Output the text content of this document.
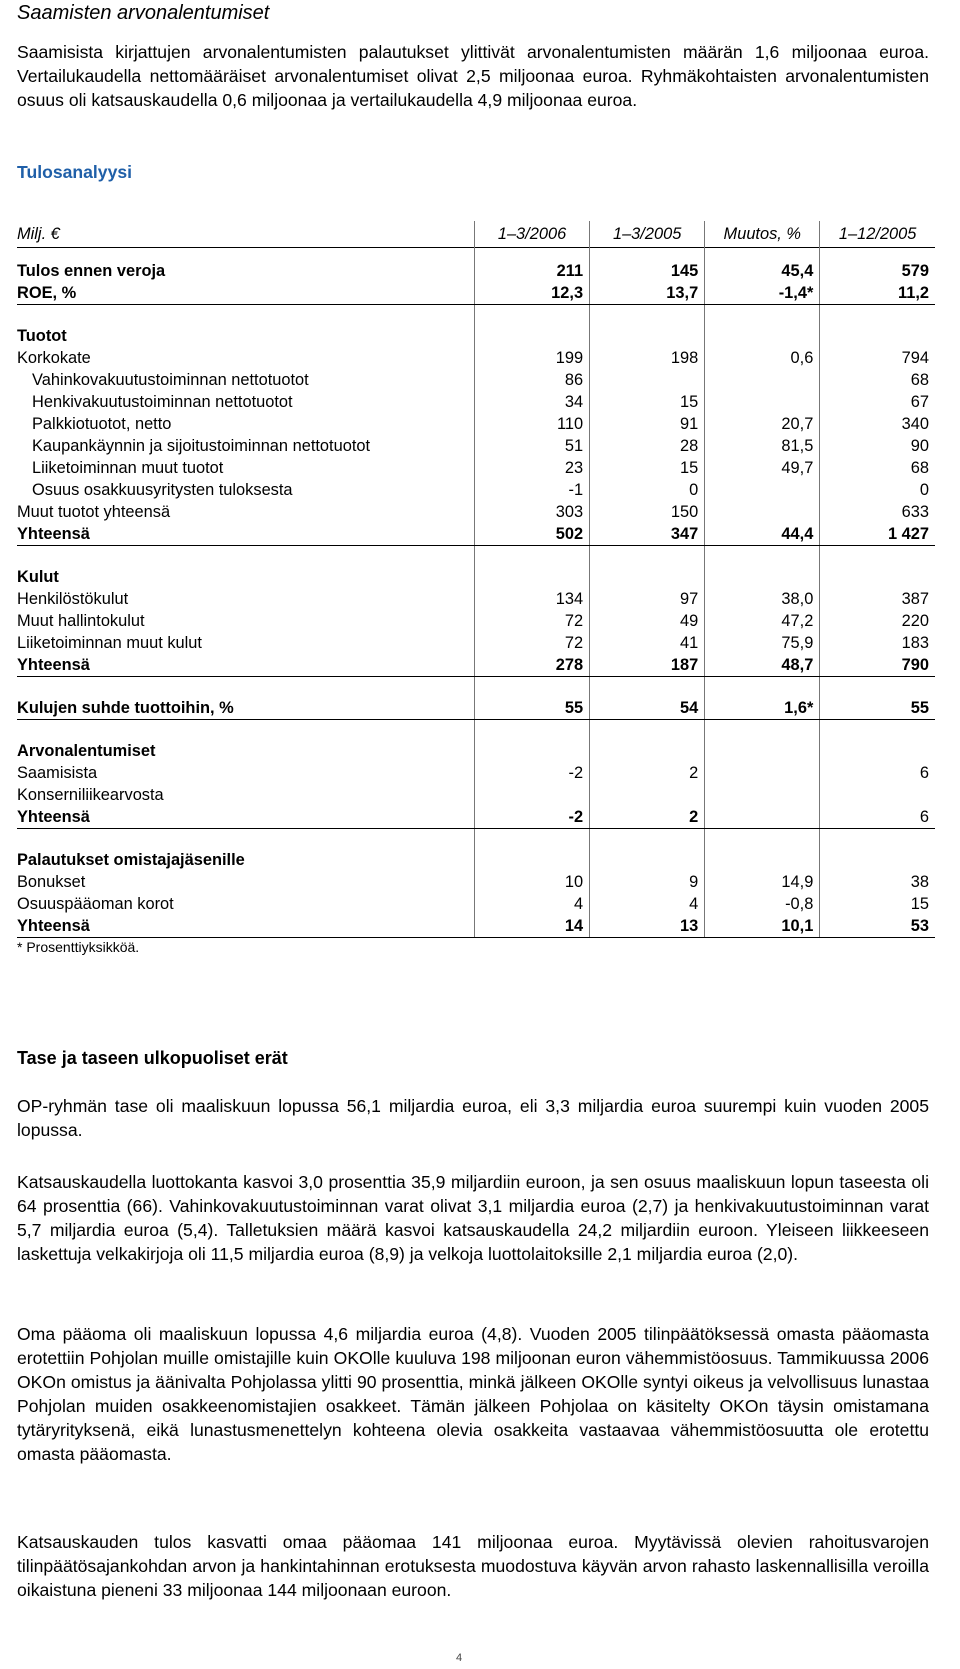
Saamisten arvonalentumiset

Saamisista kirjattujen arvonalentumisten palautukset ylittivät arvonalentumisten määrän 1,6 miljoonaa euroa. Vertailukaudella nettomääräiset arvonalentumiset olivat 2,5 miljoonaa euroa. Ryhmäkohtaisten arvonalentumisten osuus oli katsauskaudella 0,6 miljoonaa ja vertailukaudella 4,9 miljoonaa euroa.

Tulosanalyysi
Milj. €	1–3/2006	1–3/2005	Muutos, %	1–12/2005

Tulos ennen veroja	211	145	45,4	579
ROE, %	12,3	13,7	-1,4*	11,2

Tuotot				
Korkokate	199	198	0,6	794
Vahinkovakuutustoiminnan nettotuotot	86			68
Henkivakuutustoiminnan nettotuotot	34	15		67
Palkkiotuotot, netto	110	91	20,7	340
Kaupankäynnin ja sijoitustoiminnan nettotuotot	51	28	81,5	90
Liiketoiminnan muut tuotot	23	15	49,7	68
Osuus osakkuusyritysten tuloksesta	-1	0		0
Muut tuotot yhteensä	303	150		633
Yhteensä	502	347	44,4	1 427

Kulut				
Henkilöstökulut	134	97	38,0	387
Muut hallintokulut	72	49	47,2	220
Liiketoiminnan muut kulut	72	41	75,9	183
Yhteensä	278	187	48,7	790

Kulujen suhde tuottoihin, %	55	54	1,6*	55

Arvonalentumiset				
Saamisista	-2	2		6
Konserniliikearvosta				
Yhteensä	-2	2		6

Palautukset omistajajäsenille				
Bonukset	10	9	14,9	38
Osuuspääoman korot	4	4	-0,8	15
Yhteensä	14	13	10,1	53
* Prosenttiyksikköä.				
Tase ja taseen ulkopuoliset erät

OP-ryhmän tase oli maaliskuun lopussa 56,1 miljardia euroa, eli 3,3 miljardia euroa suurempi kuin vuoden 2005 lopussa.

Katsauskaudella luottokanta kasvoi 3,0 prosenttia 35,9 miljardiin euroon, ja sen osuus maaliskuun lopun taseesta oli 64 prosenttia (66). Vahinkovakuutustoiminnan varat olivat 3,1 miljardia euroa (2,7) ja henkivakuutustoiminnan varat 5,7 miljardia euroa (5,4). Talletuksien määrä kasvoi katsauskaudella 24,2 miljardiin euroon. Yleiseen liikkeeseen laskettuja velkakirjoja oli 11,5 miljardia euroa (8,9) ja velkoja luottolaitoksille 2,1 miljardia euroa (2,0).

Oma pääoma oli maaliskuun lopussa 4,6 miljardia euroa (4,8). Vuoden 2005 tilinpäätöksessä omasta pääomasta erotettiin Pohjolan muille omistajille kuin OKOlle kuuluva 198 miljoonan euron vähemmistöosuus. Tammikuussa 2006 OKOn omistus ja äänivalta Pohjolassa ylitti 90 prosenttia, minkä jälkeen OKOlle syntyi oikeus ja velvollisuus lunastaa Pohjolan muiden osakkeenomistajien osakkeet. Tämän jälkeen Pohjolaa on käsitelty OKOn täysin omistamana tytäryrityksenä, eikä lunastusmenettelyn kohteena olevia osakkeita vastaavaa vähemmistöosuutta ole erotettu omasta pääomasta.

Katsauskauden tulos kasvatti omaa pääomaa 141 miljoonaa euroa. Myytävissä olevien rahoitusvarojen tilinpäätösajankohdan arvon ja hankintahinnan erotuksesta muodostuva käyvän arvon rahasto laskennallisilla veroilla oikaistuna pieneni 33 miljoonaa 144 miljoonaan euroon.

4
